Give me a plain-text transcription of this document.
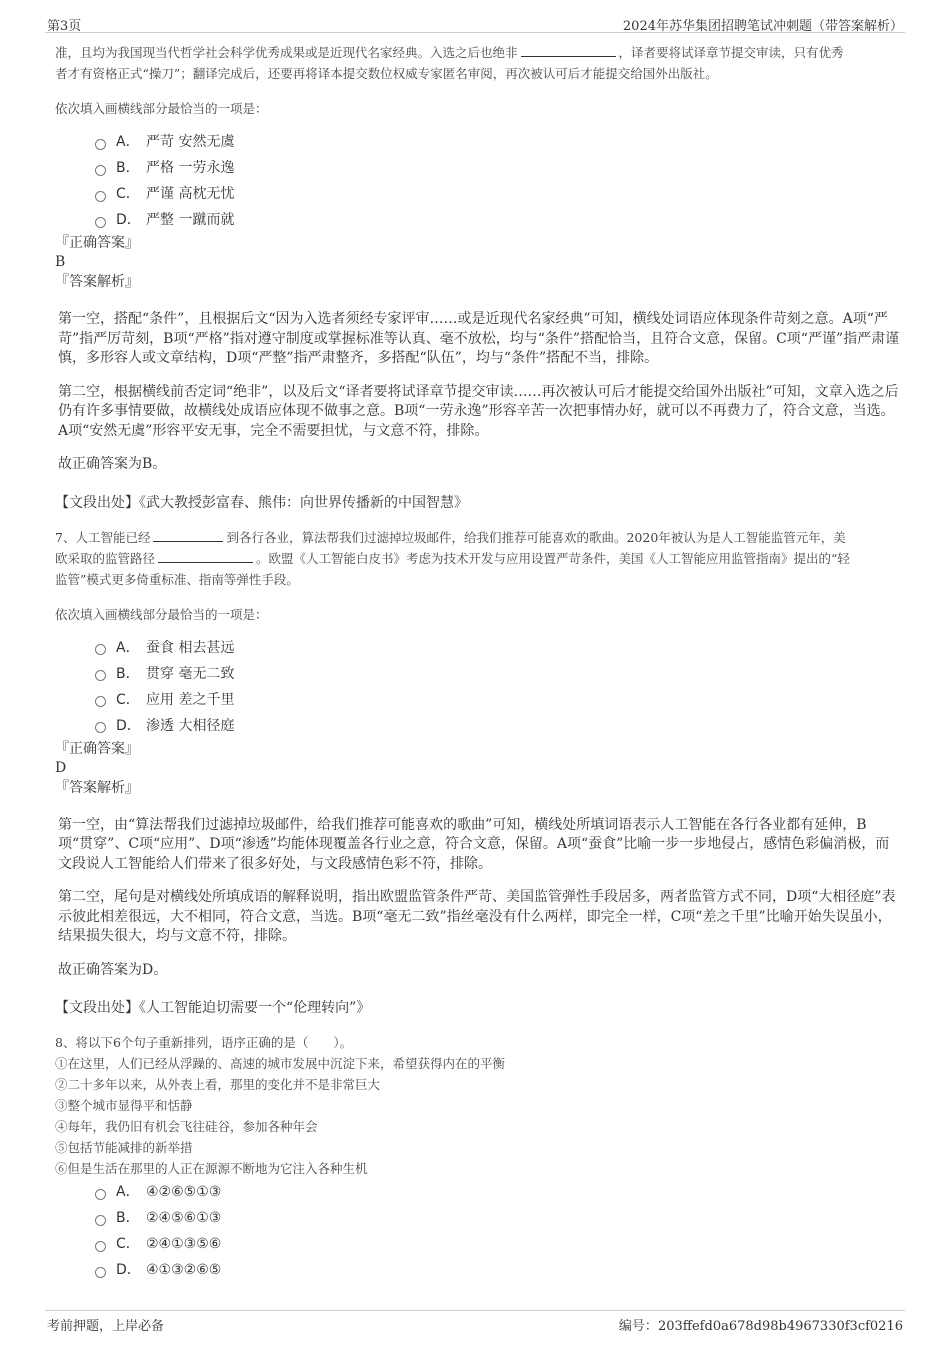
第3页	2024年苏华集团招聘笔试冲刺题（带答案解析）
准，且均为我国现当代哲学社会科学优秀成果或是近现代名家经典。入选之后也绝非	，译者要将试译章节提交审读，只有优秀
者才有资格正式“操刀”；翻译完成后，还要再将译本提交数位权威专家匿名审阅，再次被认可后才能提交给国外出版社。
依次填入画横线部分最恰当的一项是：
A． 严苛 安然无虞
B． 严格 一劳永逸
C． 严谨 高枕无忧
D． 严整 一蹴而就
『正确答案』
B
『答案解析』

第一空，搭配“条件”，且根据后文“因为入选者须经专家评审……或是近现代名家经典”可知，横线处词语应体现条件苛刻之意。A项“严苛”指严厉苛刻，B项“严格”指对遵守制度或掌握标准等认真、毫不放松，均与“条件”搭配恰当，且符合文意，保留。C项“严谨”指严肃谨慎，多形容人或文章结构，D项“严整”指严肃整齐，多搭配“队伍”，均与“条件”搭配不当，排除。

第二空，根据横线前否定词“绝非”，以及后文“译者要将试译章节提交审读……再次被认可后才能提交给国外出版社”可知，文章入选之后仍有许多事情要做，故横线处成语应体现不做事之意。B项“一劳永逸”形容辛苦一次把事情办好，就可以不再费力了，符合文意，当选。A项“安然无虞”形容平安无事，完全不需要担忧，与文意不符，排除。

故正确答案为B。

【文段出处】《武大教授彭富春、熊伟：向世界传播新的中国智慧》
7、人工智能已经	到各行各业，算法帮我们过滤掉垃圾邮件，给我们推荐可能喜欢的歌曲。2020年被认为是人工智能监管元年，美
欧采取的监管路径	。欧盟《人工智能白皮书》考虑为技术开发与应用设置严苛条件，美国《人工智能应用监管指南》提出的“轻
监管”模式更多倚重标准、指南等弹性手段。
依次填入画横线部分最恰当的一项是：
A． 蚕食 相去甚远
B． 贯穿 毫无二致
C． 应用 差之千里
D． 渗透 大相径庭
『正确答案』
D
『答案解析』

第一空，由“算法帮我们过滤掉垃圾邮件，给我们推荐可能喜欢的歌曲”可知，横线处所填词语表示人工智能在各行各业都有延伸，B项“贯穿”、C项“应用”、D项“渗透”均能体现覆盖各行业之意，符合文意，保留。A项“蚕食”比喻一步一步地侵占，感情色彩偏消极，而文段说人工智能给人们带来了很多好处，与文段感情色彩不符，排除。

第二空，尾句是对横线处所填成语的解释说明，指出欧盟监管条件严苛、美国监管弹性手段居多，两者监管方式不同，D项“大相径庭”表示彼此相差很远，大不相同，符合文意，当选。B项“毫无二致”指丝毫没有什么两样，即完全一样，C项“差之千里”比喻开始失误虽小，结果损失很大，均与文意不符，排除。

故正确答案为D。

【文段出处】《人工智能迫切需要一个“伦理转向”》
8、将以下6个句子重新排列，语序正确的是（　　）。
①在这里，人们已经从浮躁的、高速的城市发展中沉淀下来，希望获得内在的平衡
②二十多年以来，从外表上看，那里的变化并不是非常巨大
③整个城市显得平和恬静
④每年，我仍旧有机会飞往硅谷，参加各种年会
⑤包括节能减排的新举措
⑥但是生活在那里的人正在源源不断地为它注入各种生机
A． ④②⑥⑤①③
B． ②④⑤⑥①③
C． ②④①③⑤⑥
D． ④①③②⑥⑤
考前押题，上岸必备	编号：203ffefd0a678d98b4967330f3cf0216
